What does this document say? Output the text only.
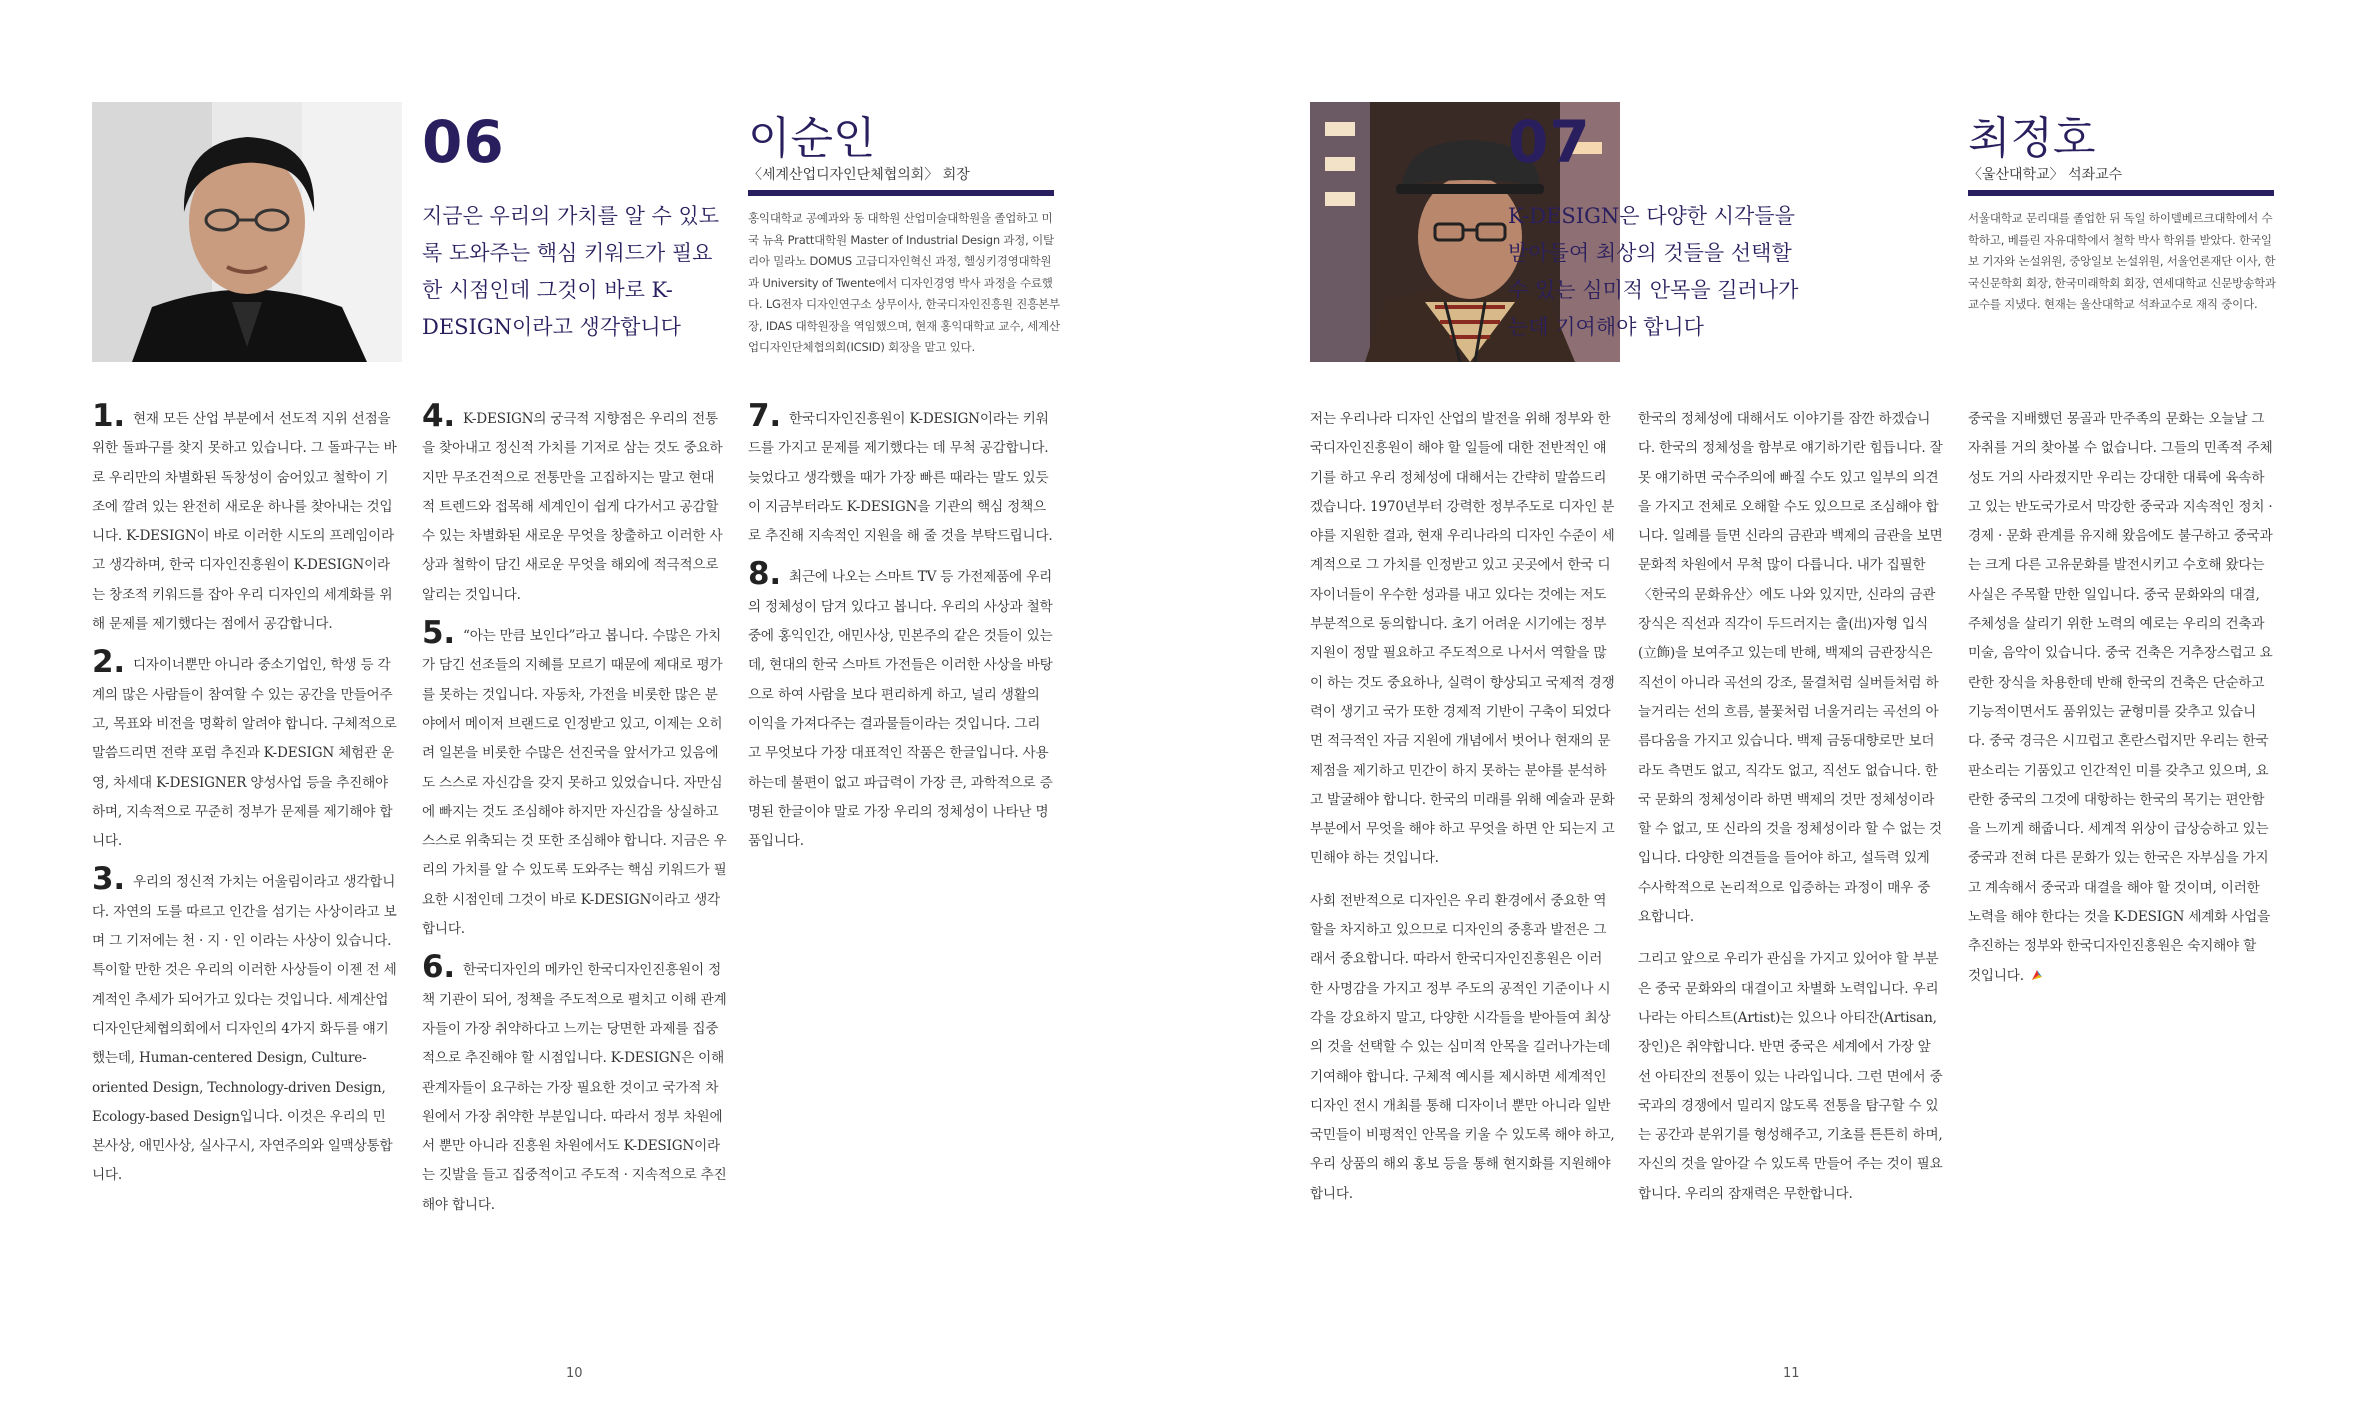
06
지금은 우리의 가치를 알 수 있도록 도와주는 핵심 키워드가 필요한 시점인데 그것이 바로 K-DESIGN이라고 생각합니다
이순인
〈세계산업디자인단체협의회〉 회장
홍익대학교 공예과와 동 대학원 산업미술대학원을 졸업하고 미국 뉴욕 Pratt대학원 Master of Industrial Design 과정, 이탈리아 밀라노 DOMUS 고급디자인혁신 과정, 헬싱키경영대학원과 University of Twente에서 디자인경영 박사 과정을 수료했다. LG전자 디자인연구소 상무이사, 한국디자인진흥원 진흥본부장, IDAS 대학원장을 역임했으며, 현재 홍익대학교 교수, 세계산업디자인단체협의회(ICSID) 회장을 맡고 있다.
1. 현재 모든 산업 부분에서 선도적 지위 선점을 위한 돌파구를 찾지 못하고 있습니다. 그 돌파구는 바로 우리만의 차별화된 독창성이 숨어있고 철학이 기조에 깔려 있는 완전히 새로운 하나를 찾아내는 것입니다. K-DESIGN이 바로 이러한 시도의 프레임이라고 생각하며, 한국 디자인진흥원이 K-DESIGN이라는 창조적 키워드를 잡아 우리 디자인의 세계화를 위해 문제를 제기했다는 점에서 공감합니다.
2. 디자이너뿐만 아니라 중소기업인, 학생 등 각계의 많은 사람들이 참여할 수 있는 공간을 만들어주고, 목표와 비전을 명확히 알려야 합니다. 구체적으로 말씀드리면 전략 포럼 추진과 K-DESIGN 체험관 운영, 차세대 K-DESIGNER 양성사업 등을 추진해야 하며, 지속적으로 꾸준히 정부가 문제를 제기해야 합니다.
3. 우리의 정신적 가치는 어울림이라고 생각합니다. 자연의 도를 따르고 인간을 섬기는 사상이라고 보며 그 기저에는 천 · 지 · 인 이라는 사상이 있습니다. 특이할 만한 것은 우리의 이러한 사상들이 이젠 전 세계적인 추세가 되어가고 있다는 것입니다. 세계산업디자인단체협의회에서 디자인의 4가지 화두를 얘기했는데, Human-centered Design, Culture-oriented Design, Technology-driven Design, Ecology-based Design입니다. 이것은 우리의 민본사상, 애민사상, 실사구시, 자연주의와 일맥상통합니다.
4. K-DESIGN의 궁극적 지향점은 우리의 전통을 찾아내고 정신적 가치를 기저로 삼는 것도 중요하지만 무조건적으로 전통만을 고집하지는 말고 현대적 트렌드와 접목해 세계인이 쉽게 다가서고 공감할 수 있는 차별화된 새로운 무엇을 창출하고 이러한 사상과 철학이 담긴 새로운 무엇을 해외에 적극적으로 알리는 것입니다.
5. “아는 만큼 보인다”라고 봅니다. 수많은 가치가 담긴 선조들의 지혜를 모르기 때문에 제대로 평가를 못하는 것입니다. 자동차, 가전을 비롯한 많은 분야에서 메이저 브랜드로 인정받고 있고, 이제는 오히려 일본을 비롯한 수많은 선진국을 앞서가고 있음에도 스스로 자신감을 갖지 못하고 있었습니다. 자만심에 빠지는 것도 조심해야 하지만 자신감을 상실하고 스스로 위축되는 것 또한 조심해야 합니다. 지금은 우리의 가치를 알 수 있도록 도와주는 핵심 키워드가 필요한 시점인데 그것이 바로 K-DESIGN이라고 생각합니다.
6. 한국디자인의 메카인 한국디자인진흥원이 정책 기관이 되어, 정책을 주도적으로 펼치고 이해 관계자들이 가장 취약하다고 느끼는 당면한 과제를 집중적으로 추진해야 할 시점입니다. K-DESIGN은 이해 관계자들이 요구하는 가장 필요한 것이고 국가적 차원에서 가장 취약한 부분입니다. 따라서 정부 차원에서 뿐만 아니라 진흥원 차원에서도 K-DESIGN이라는 깃발을 들고 집중적이고 주도적 · 지속적으로 추진해야 합니다.
7. 한국디자인진흥원이 K-DESIGN이라는 키워드를 가지고 문제를 제기했다는 데 무척 공감합니다. 늦었다고 생각했을 때가 가장 빠른 때라는 말도 있듯이 지금부터라도 K-DESIGN을 기관의 핵심 정책으로 추진해 지속적인 지원을 해 줄 것을 부탁드립니다.
8. 최근에 나오는 스마트 TV 등 가전제품에 우리의 정체성이 담겨 있다고 봅니다. 우리의 사상과 철학 중에 홍익인간, 애민사상, 민본주의 같은 것들이 있는데, 현대의 한국 스마트 가전들은 이러한 사상을 바탕으로 하여 사람을 보다 편리하게 하고, 널리 생활의 이익을 가져다주는 결과물들이라는 것입니다. 그리고 무엇보다 가장 대표적인 작품은 한글입니다. 사용하는데 불편이 없고 파급력이 가장 큰, 과학적으로 증명된 한글이야 말로 가장 우리의 정체성이 나타난 명품입니다.
10
07
K-DESIGN은 다양한 시각들을 받아들여 최상의 것들을 선택할수 있는 심미적 안목을 길러나가는데 기여해야 합니다
최정호
〈울산대학교〉 석좌교수
서울대학교 문리대를 졸업한 뒤 독일 하이델베르크대학에서 수학하고, 베를린 자유대학에서 철학 박사 학위를 받았다. 한국일보 기자와 논설위원, 중앙일보 논설위원, 서울언론재단 이사, 한국신문학회 회장, 한국미래학회 회장, 연세대학교 신문방송학과 교수를 지냈다. 현재는 울산대학교 석좌교수로 재직 중이다.

저는 우리나라 디자인 산업의 발전을 위해 정부와 한국디자인진흥원이 해야 할 일들에 대한 전반적인 얘기를 하고 우리 정체성에 대해서는 간략히 말씀드리겠습니다. 1970년부터 강력한 정부주도로 디자인 분야를 지원한 결과, 현재 우리나라의 디자인 수준이 세계적으로 그 가치를 인정받고 있고 곳곳에서 한국 디자이너들이 우수한 성과를 내고 있다는 것에는 저도 부분적으로 동의합니다. 초기 어려운 시기에는 정부 지원이 정말 필요하고 주도적으로 나서서 역할을 많이 하는 것도 중요하나, 실력이 향상되고 국제적 경쟁력이 생기고 국가 또한 경제적 기반이 구축이 되었다면 적극적인 자금 지원에 개념에서 벗어나 현재의 문제점을 제기하고 민간이 하지 못하는 분야를 분석하고 발굴해야 합니다. 한국의 미래를 위해 예술과 문화 부분에서 무엇을 해야 하고 무엇을 하면 안 되는지 고민해야 하는 것입니다.

사회 전반적으로 디자인은 우리 환경에서 중요한 역할을 차지하고 있으므로 디자인의 중흥과 발전은 그래서 중요합니다. 따라서 한국디자인진흥원은 이러한 사명감을 가지고 정부 주도의 공적인 기준이나 시각을 강요하지 말고, 다양한 시각들을 받아들여 최상의 것을 선택할 수 있는 심미적 안목을 길러나가는데 기여해야 합니다. 구체적 예시를 제시하면 세계적인 디자인 전시 개최를 통해 디자이너 뿐만 아니라 일반국민들이 비평적인 안목을 키울 수 있도록 해야 하고, 우리 상품의 해외 홍보 등을 통해 현지화를 지원해야 합니다.

한국의 정체성에 대해서도 이야기를 잠깐 하겠습니다. 한국의 정체성을 함부로 얘기하기란 힘듭니다. 잘못 얘기하면 국수주의에 빠질 수도 있고 일부의 의견을 가지고 전체로 오해할 수도 있으므로 조심해야 합니다. 일례를 들면 신라의 금관과 백제의 금관을 보면 문화적 차원에서 무척 많이 다릅니다. 내가 집필한 〈한국의 문화유산〉에도 나와 있지만, 신라의 금관 장식은 직선과 직각이 두드러지는 출(出)자형 입식(立飾)을 보여주고 있는데 반해, 백제의 금관장식은 직선이 아니라 곡선의 강조, 물결처럼 실버들처럼 하늘거리는 선의 흐름, 불꽃처럼 너울거리는 곡선의 아름다움을 가지고 있습니다. 백제 금동대향로만 보더라도 측면도 없고, 직각도 없고, 직선도 없습니다. 한국 문화의 정체성이라 하면 백제의 것만 정체성이라 할 수 없고, 또 신라의 것을 정체성이라 할 수 없는 것입니다. 다양한 의견들을 들어야 하고, 설득력 있게 수사학적으로 논리적으로 입증하는 과정이 매우 중요합니다.

그리고 앞으로 우리가 관심을 가지고 있어야 할 부분은 중국 문화와의 대결이고 차별화 노력입니다. 우리나라는 아티스트(Artist)는 있으나 아티잔(Artisan, 장인)은 취약합니다. 반면 중국은 세계에서 가장 앞선 아티잔의 전통이 있는 나라입니다. 그런 면에서 중국과의 경쟁에서 밀리지 않도록 전통을 탐구할 수 있는 공간과 분위기를 형성해주고, 기초를 튼튼히 하며, 자신의 것을 알아갈 수 있도록 만들어 주는 것이 필요합니다. 우리의 잠재력은 무한합니다.

중국을 지배했던 몽골과 만주족의 문화는 오늘날 그 자취를 거의 찾아볼 수 없습니다. 그들의 민족적 주체성도 거의 사라졌지만 우리는 강대한 대륙에 육속하고 있는 반도국가로서 막강한 중국과 지속적인 정치 · 경제 · 문화 관계를 유지해 왔음에도 불구하고 중국과는 크게 다른 고유문화를 발전시키고 수호해 왔다는 사실은 주목할 만한 일입니다. 중국 문화와의 대결, 주체성을 살리기 위한 노력의 예로는 우리의 건축과 미술, 음악이 있습니다. 중국 건축은 거추장스럽고 요란한 장식을 차용한데 반해 한국의 건축은 단순하고 기능적이면서도 품위있는 균형미를 갖추고 있습니다. 중국 경극은 시끄럽고 혼란스럽지만 우리는 한국 판소리는 기품있고 인간적인 미를 갖추고 있으며, 요란한 중국의 그것에 대항하는 한국의 목기는 편안함을 느끼게 해줍니다. 세계적 위상이 급상승하고 있는 중국과 전혀 다른 문화가 있는 한국은 자부심을 가지고 계속해서 중국과 대결을 해야 할 것이며, 이러한 노력을 해야 한다는 것을 K-DESIGN 세계화 사업을 추진하는 정부와 한국디자인진흥원은 숙지해야 할 것입니다.

11
